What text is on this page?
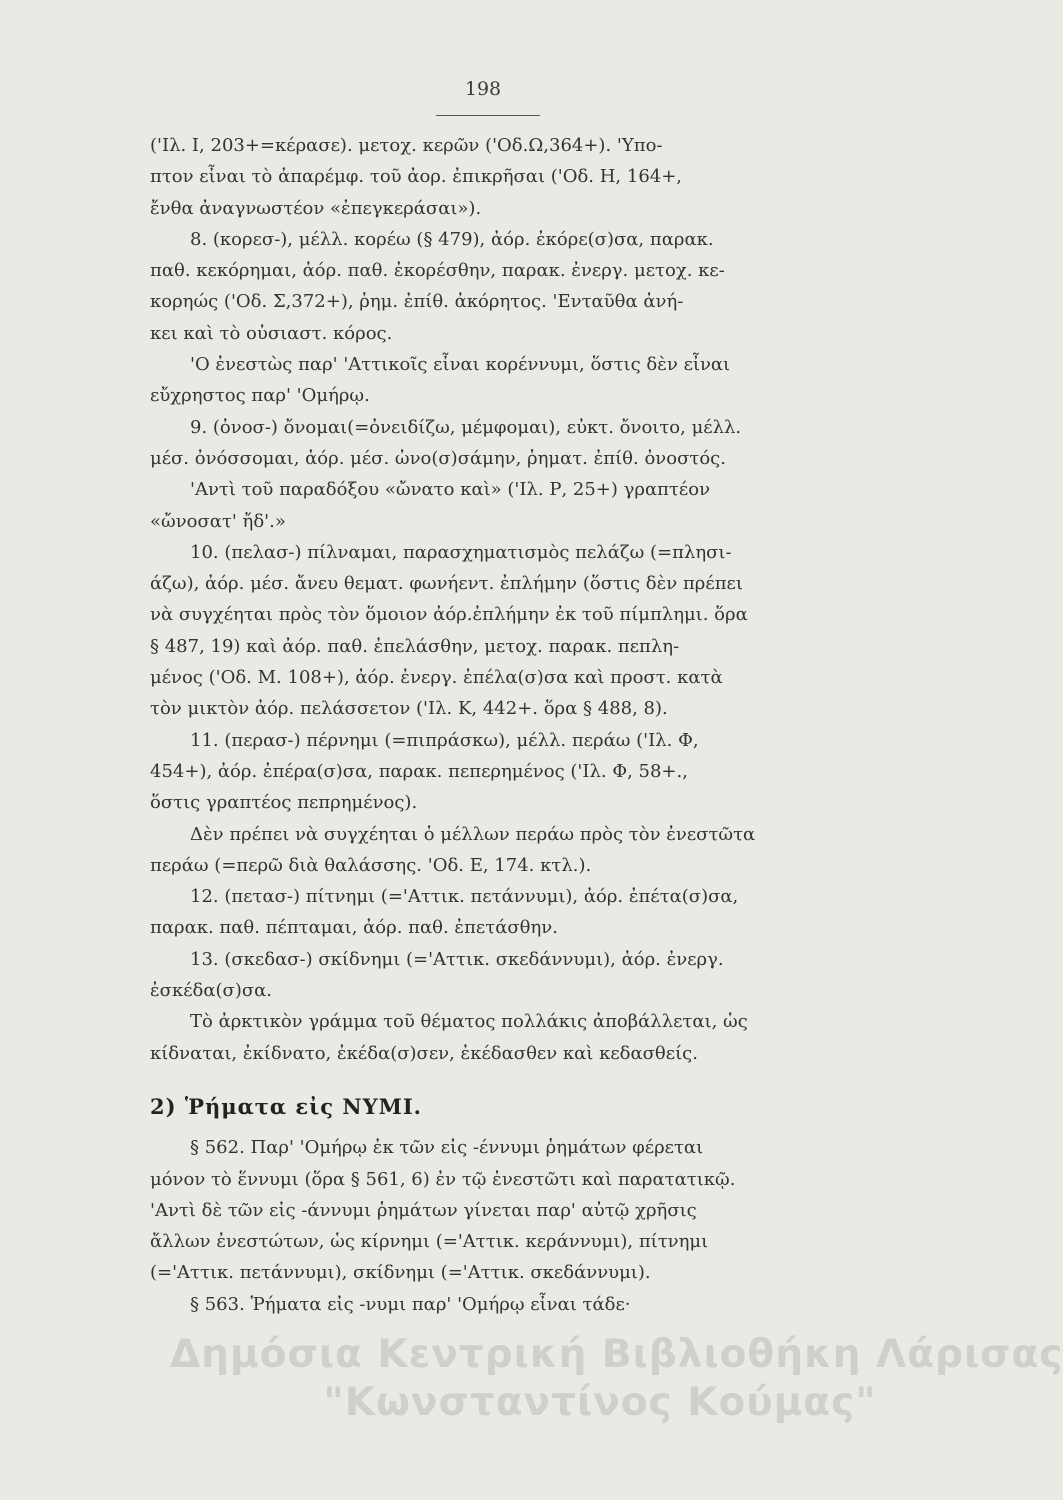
198

('Ιλ. Ι, 203+=κέρασε). μετοχ. κερῶν ('Οδ.Ω,364+). 'Υπο-

πτον εἶναι τὸ ἀπαρέμφ. τοῦ ἀορ. ἐπικρῆσαι ('Οδ. Η, 164+,

ἔνθα ἀναγνωστέον «ἐπεγκεράσαι»).

8. (κορεσ-), μέλλ. κορέω (§ 479), ἀόρ. ἐκόρε(σ)σα, παρακ.

παθ. κεκόρημαι, ἀόρ. παθ. ἐκορέσθην, παρακ. ἐνεργ. μετοχ. κε-

κορηώς ('Οδ. Σ,372+), ῥημ. ἐπίθ. ἀκόρητος. 'Ενταῦθα ἀνή-

κει καὶ τὸ οὐσιαστ. κόρος.

'Ο ἐνεστὼς παρ' 'Αττικοῖς εἶναι κορέννυμι, ὅστις δὲν εἶναι

εὔχρηστος παρ' 'Ομήρῳ.

9. (ὀνοσ-) ὄνομαι(=ὀνειδίζω, μέμφομαι), εὐκτ. ὄνοιτο, μέλλ.

μέσ. ὀνόσσομαι, ἀόρ. μέσ. ὠνο(σ)σάμην, ῥηματ. ἐπίθ. ὀνοστός.

'Αντὶ τοῦ παραδόξου «ὤνατο καὶ» ('Ιλ. Ρ, 25+) γραπτέον

«ὤνοσατ' ἤδ'.»

10. (πελασ-) πίλναμαι, παρασχηματισμὸς πελάζω (=πλησι-

άζω), ἀόρ. μέσ. ἄνευ θεματ. φωνήεντ. ἐπλήμην (ὅστις δὲν πρέπει

νὰ συγχέηται πρὸς τὸν ὅμοιον ἀόρ.ἐπλήμην ἐκ τοῦ πίμπλημι. ὅρα

§ 487, 19) καὶ ἀόρ. παθ. ἐπελάσθην, μετοχ. παρακ. πεπλη-

μένος ('Οδ. Μ. 108+), ἀόρ. ἐνεργ. ἐπέλα(σ)σα καὶ προστ. κατὰ

τὸν μικτὸν ἀόρ. πελάσσετον ('Ιλ. Κ, 442+. ὅρα § 488, 8).

11. (περασ-) πέρνημι (=πιπράσκω), μέλλ. περάω ('Ιλ. Φ,

454+), ἀόρ. ἐπέρα(σ)σα, παρακ. πεπερημένος ('Ιλ. Φ, 58+.,

ὅστις γραπτέος πεπρημένος).

Δὲν πρέπει νὰ συγχέηται ὁ μέλλων περάω πρὸς τὸν ἐνεστῶτα

περάω (=περῶ διὰ θαλάσσης. 'Οδ. Ε, 174. κτλ.).

12. (πετασ-) πίτνημι (='Αττικ. πετάννυμι), ἀόρ. ἐπέτα(σ)σα,

παρακ. παθ. πέπταμαι, ἀόρ. παθ. ἐπετάσθην.

13. (σκεδασ-) σκίδνημι (='Αττικ. σκεδάννυμι), ἀόρ. ἐνεργ.

ἐσκέδα(σ)σα.

Τὸ ἀρκτικὸν γράμμα τοῦ θέματος πολλάκις ἀποβάλλεται, ὡς

κίδναται, ἐκίδνατο, ἐκέδα(σ)σεν, ἐκέδασθεν καὶ κεδασθείς.

2) Ῥήματα εἰς ΝΥΜΙ.

§ 562. Παρ' 'Ομήρῳ ἐκ τῶν εἰς -έννυμι ῥημάτων φέρεται

μόνον τὸ ἕννυμι (ὅρα § 561, 6) ἐν τῷ ἐνεστῶτι καὶ παρατατικῷ.

'Αντὶ δὲ τῶν εἰς -άννυμι ῥημάτων γίνεται παρ' αὐτῷ χρῆσις

ἄλλων ἐνεστώτων, ὡς κίρνημι (='Αττικ. κεράννυμι), πίτνημι

(='Αττικ. πετάννυμι), σκίδνημι (='Αττικ. σκεδάννυμι).

§ 563. Ῥήματα εἰς -νυμι παρ' 'Ομήρῳ εἶναι τάδε·

Δημόσια Κεντρική Βιβλιοθήκη Λάρισας
"Κωνσταντίνος Κούμας"
